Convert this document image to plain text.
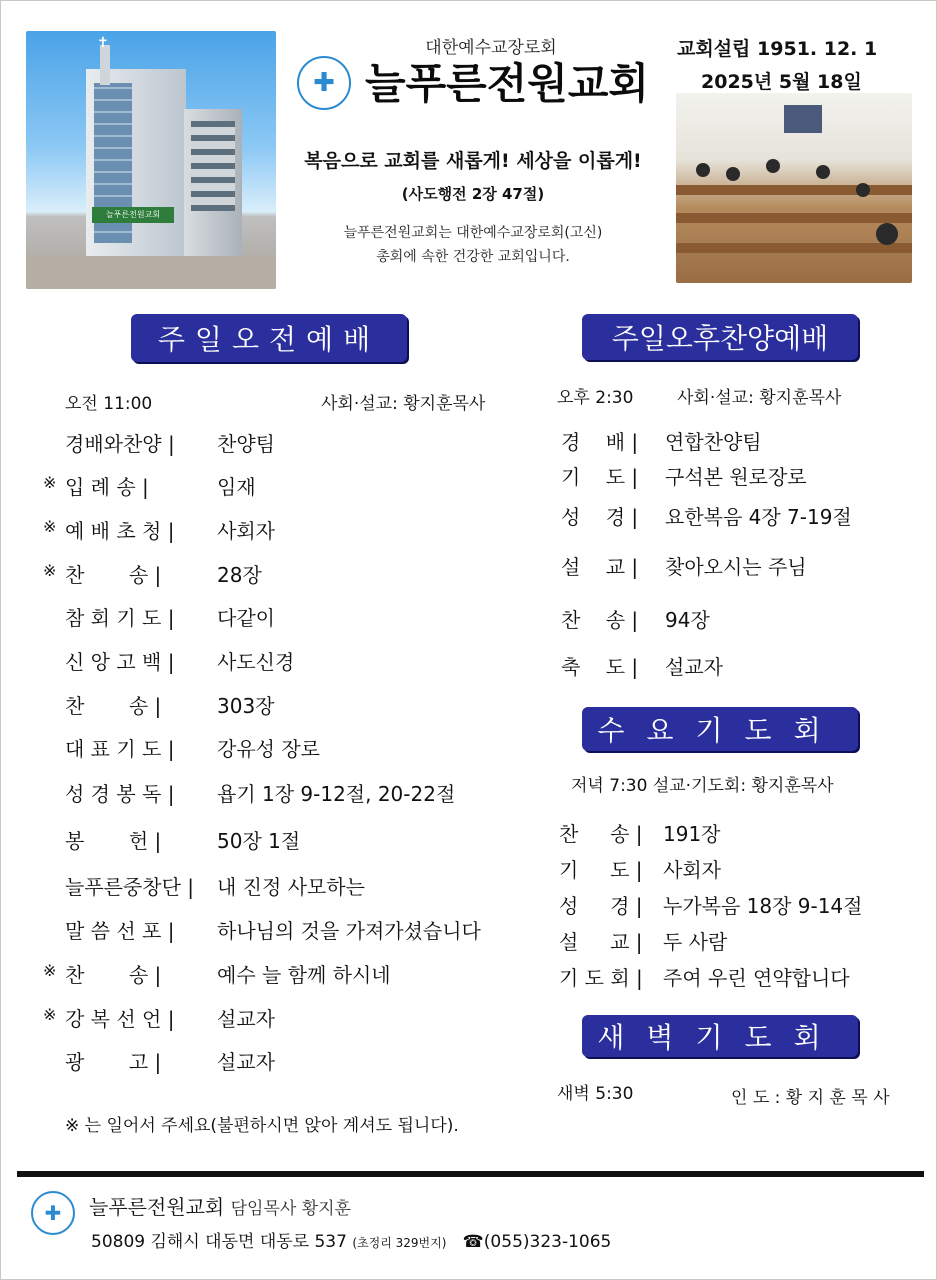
✝
늘푸른전원교회
대한예수교장로회
✚ 늘푸른전원교회
교회설립 1951. 12. 1
2025년 5월 18일
복음으로 교회를 새롭게! 세상을 이롭게!
(사도행전 2장 47절)
늘푸른전원교회는 대한예수교장로회(고신)
총회에 속한 건강한 교회입니다.
주일오전예배
오전 11:00	사회·설교: 황지훈목사
경배와찬양 | 찬양팀
※ 입 례 송 |	임재
※ 예 배 초 청 | 사회자
※ 찬       송 |	28장
참 회 기 도 | 다같이
신 앙 고 백 | 사도신경
찬       송 |	303장
대 표 기 도 | 강유성 장로
성 경 봉 독 | 욥기 1장 9-12절, 20-22절
봉       헌 |	50장 1절
늘푸른중창단 | 내 진정 사모하는
말 씀 선 포 | 하나님의 것을 가져가셨습니다
※ 찬       송 |	예수 늘 함께 하시네
※ 강 복 선 언 | 설교자
광       고 |	설교자
※ 는 일어서 주세요(불편하시면 앉아 계셔도 됩니다).
주일오후찬양예배
오후 2:30	사회·설교: 황지훈목사
경    배 | 연합찬양팀
기    도 | 구석본 원로장로
성    경 | 요한복음 4장 7-19절
설    교 | 찾아오시는 주님
찬    송 | 94장
축    도 | 설교자
수요기도회
저녁 7:30 설교·기도회: 황지훈목사
찬     송 | 191장
기     도 | 사회자
성     경 | 누가복음 18장 9-14절
설     교 | 두 사람
기 도 회 | 주여 우린 연약합니다
새벽기도회
새벽 5:30	인 도 : 황 지 훈 목 사
✚ 늘푸른전원교회 담임목사 황지훈
50809 김해시 대동면 대동로 537 (초정리 329번지) ☎(055)323-1065
